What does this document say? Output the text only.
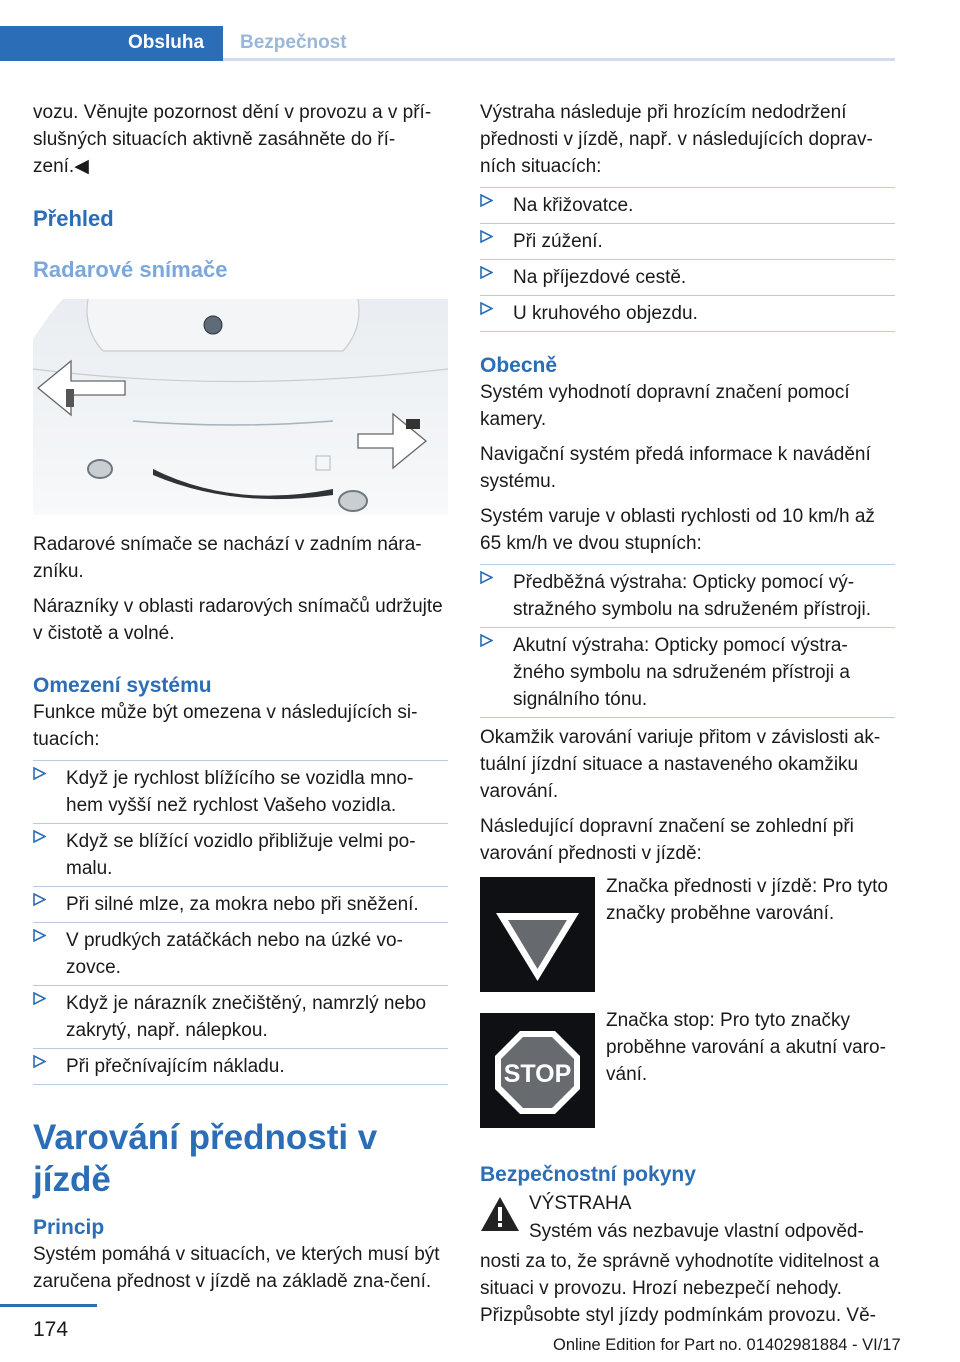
Obsluha Bezpečnost

vozu. Věnujte pozornost dění v provozu a v pří-slušných situacích aktivně zasáhněte do ří-zení.◀

Přehled
Radarové snímače

Radarové snímače se nachází v zadním nára-zníku.

Nárazníky v oblasti radarových snímačů udržujte v čistotě a volné.

Omezení systému

Funkce může být omezena v následujících si-tuacích:

Když je rychlost blížícího se vozidla mno-hem vyšší než rychlost Vašeho vozidla.
Když se blížící vozidlo přibližuje velmi po-malu.
Při silné mlze, za mokra nebo při sněžení.
V prudkých zatáčkách nebo na úzké vo-zovce.
Když je nárazník znečištěný, namrzlý nebo zakrytý, např. nálepkou.
Při přečnívajícím nákladu.
Varování přednosti v jízdě
Princip

Systém pomáhá v situacích, ve kterých musí být zaručena přednost v jízdě na základě zna-čení.

Výstraha následuje při hrozícím nedodržení přednosti v jízdě, např. v následujících doprav-ních situacích:

Na křižovatce.
Při zúžení.
Na příjezdové cestě.
U kruhového objezdu.
Obecně

Systém vyhodnotí dopravní značení pomocí kamery.

Navigační systém předá informace k navádění systému.

Systém varuje v oblasti rychlosti od 10 km/h až 65 km/h ve dvou stupních:

Předběžná výstraha: Opticky pomocí vý-stražného symbolu na sdruženém přístroji.
Akutní výstraha: Opticky pomocí výstra-žného symbolu na sdruženém přístroji a signálního tónu.

Okamžik varování variuje přitom v závislosti ak-tuální jízdní situace a nastaveného okamžiku varování.

Následující dopravní značení se zohlední při varování přednosti v jízdě:

Značka přednosti v jízdě: Pro tyto značky proběhne varování.

STOP

Značka stop: Pro tyto značky proběhne varování a akutní varo-vání.

Bezpečnostní pokyny

VÝSTRAHA

Systém vás nezbavuje vlastní odpověd-

nosti za to, že správně vyhodnotíte viditelnost a situaci v provozu. Hrozí nebezpečí nehody. Přizpůsobte styl jízdy podmínkám provozu. Vě-

174
Online Edition for Part no. 01402981884 - VI/17
